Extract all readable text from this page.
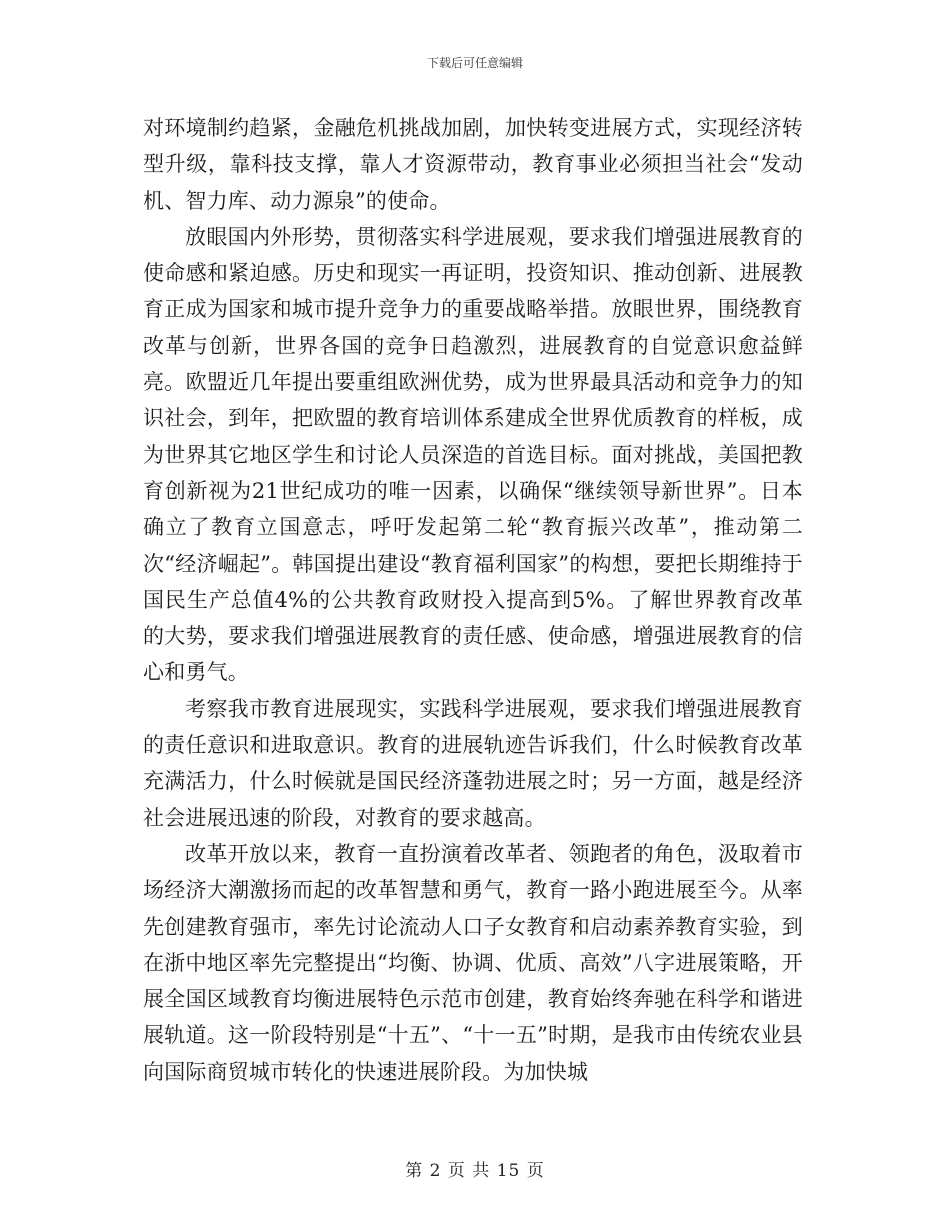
下载后可任意编辑

对环境制约趋紧，金融危机挑战加剧，加快转变进展方式，实现经济转型升级，靠科技支撑，靠人才资源带动，教育事业必须担当社会“发动机、智力库、动力源泉”的使命。

放眼国内外形势，贯彻落实科学进展观，要求我们增强进展教育的使命感和紧迫感。历史和现实一再证明，投资知识、推动创新、进展教育正成为国家和城市提升竞争力的重要战略举措。放眼世界，围绕教育改革与创新，世界各国的竞争日趋激烈，进展教育的自觉意识愈益鲜亮。欧盟近几年提出要重组欧洲优势，成为世界最具活动和竞争力的知识社会，到年，把欧盟的教育培训体系建成全世界优质教育的样板，成为世界其它地区学生和讨论人员深造的首选目标。面对挑战，美国把教育创新视为21世纪成功的唯一因素，以确保“继续领导新世界”。日本确立了教育立国意志，呼吁发起第二轮“教育振兴改革”，推动第二次“经济崛起”。韩国提出建设“教育福利国家”的构想，要把长期维持于国民生产总值4%的公共教育政财投入提高到5%。了解世界教育改革的大势，要求我们增强进展教育的责任感、使命感，增强进展教育的信心和勇气。

考察我市教育进展现实，实践科学进展观，要求我们增强进展教育的责任意识和进取意识。教育的进展轨迹告诉我们，什么时候教育改革充满活力，什么时候就是国民经济蓬勃进展之时；另一方面，越是经济社会进展迅速的阶段，对教育的要求越高。

改革开放以来，教育一直扮演着改革者、领跑者的角色，汲取着市场经济大潮激扬而起的改革智慧和勇气，教育一路小跑进展至今。从率先创建教育强市，率先讨论流动人口子女教育和启动素养教育实验，到在浙中地区率先完整提出“均衡、协调、优质、高效”八字进展策略，开展全国区域教育均衡进展特色示范市创建，教育始终奔驰在科学和谐进展轨道。这一阶段特别是“十五”、“十一五”时期，是我市由传统农业县向国际商贸城市转化的快速进展阶段。为加快城

第 2 页 共 15 页
